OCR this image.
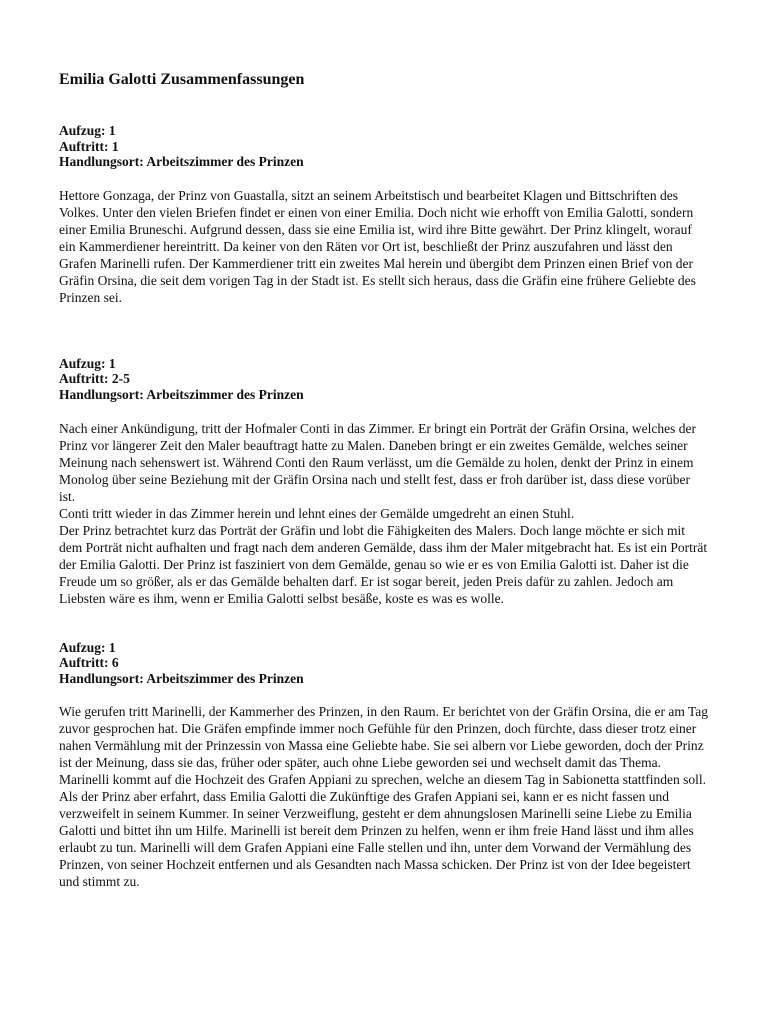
Emilia Galotti Zusammenfassungen
Aufzug: 1
Auftritt: 1
Handlungsort: Arbeitszimmer des Prinzen
Hettore Gonzaga, der Prinz von Guastalla, sitzt an seinem Arbeitstisch und bearbeitet Klagen und Bittschriften des Volkes. Unter den vielen Briefen findet er einen von einer Emilia. Doch nicht wie erhofft von Emilia Galotti, sondern einer Emilia Bruneschi. Aufgrund dessen, dass sie eine Emilia ist, wird ihre Bitte gewährt. Der Prinz klingelt, worauf ein Kammerdiener hereintritt. Da keiner von den Räten vor Ort ist, beschließt der Prinz auszufahren und lässt den Grafen Marinelli rufen. Der Kammerdiener tritt ein zweites Mal herein und übergibt dem Prinzen einen Brief von der Gräfin Orsina, die seit dem vorigen Tag in der Stadt ist. Es stellt sich heraus, dass die Gräfin eine frühere Geliebte des Prinzen sei.
Aufzug: 1
Auftritt: 2-5
Handlungsort: Arbeitszimmer des Prinzen
Nach einer Ankündigung, tritt der Hofmaler Conti in das Zimmer. Er bringt ein Porträt der Gräfin Orsina, welches der Prinz vor längerer Zeit den Maler beauftragt hatte zu Malen. Daneben bringt er ein zweites Gemälde, welches seiner Meinung nach sehenswert ist. Während Conti den Raum verlässt, um die Gemälde zu holen, denkt der Prinz in einem Monolog über seine Beziehung mit der Gräfin Orsina nach und stellt fest, dass er froh darüber ist, dass diese vorüber ist.
Conti tritt wieder in das Zimmer herein und lehnt eines der Gemälde umgedreht an einen Stuhl.
Der Prinz betrachtet kurz das Porträt der Gräfin und lobt die Fähigkeiten des Malers. Doch lange möchte er sich mit dem Porträt nicht aufhalten und fragt nach dem anderen Gemälde, dass ihm der Maler mitgebracht hat. Es ist ein Porträt der Emilia Galotti. Der Prinz ist fasziniert von dem Gemälde, genau so wie er es von Emilia Galotti ist. Daher ist die Freude um so größer, als er das Gemälde behalten darf. Er ist sogar bereit, jeden Preis dafür zu zahlen. Jedoch am Liebsten wäre es ihm, wenn er Emilia Galotti selbst besäße, koste es was es wolle.
Aufzug: 1
Auftritt: 6
Handlungsort: Arbeitszimmer des Prinzen
Wie gerufen tritt Marinelli, der Kammerher des Prinzen, in den Raum. Er berichtet von der Gräfin Orsina, die er am Tag zuvor gesprochen hat. Die Gräfen empfinde immer noch Gefühle für den Prinzen, doch fürchte, dass dieser trotz einer nahen Vermählung mit der Prinzessin von Massa eine Geliebte habe. Sie sei albern vor Liebe geworden, doch der Prinz ist der Meinung, dass sie das, früher oder später, auch ohne Liebe geworden sei und wechselt damit das Thema. Marinelli kommt auf die Hochzeit des Grafen Appiani zu sprechen, welche an diesem Tag in Sabionetta stattfinden soll. Als der Prinz aber erfahrt, dass Emilia Galotti die Zukünftige des Grafen Appiani sei, kann er es nicht fassen und verzweifelt in seinem Kummer. In seiner Verzweiflung, gesteht er dem ahnungslosen Marinelli seine Liebe zu Emilia Galotti und bittet ihn um Hilfe. Marinelli ist bereit dem Prinzen zu helfen, wenn er ihm freie Hand lässt und ihm alles erlaubt zu tun. Marinelli will dem Grafen Appiani eine Falle stellen und ihn, unter dem Vorwand der Vermählung des Prinzen, von seiner Hochzeit entfernen und als Gesandten nach Massa schicken. Der Prinz ist von der Idee begeistert und stimmt zu.
